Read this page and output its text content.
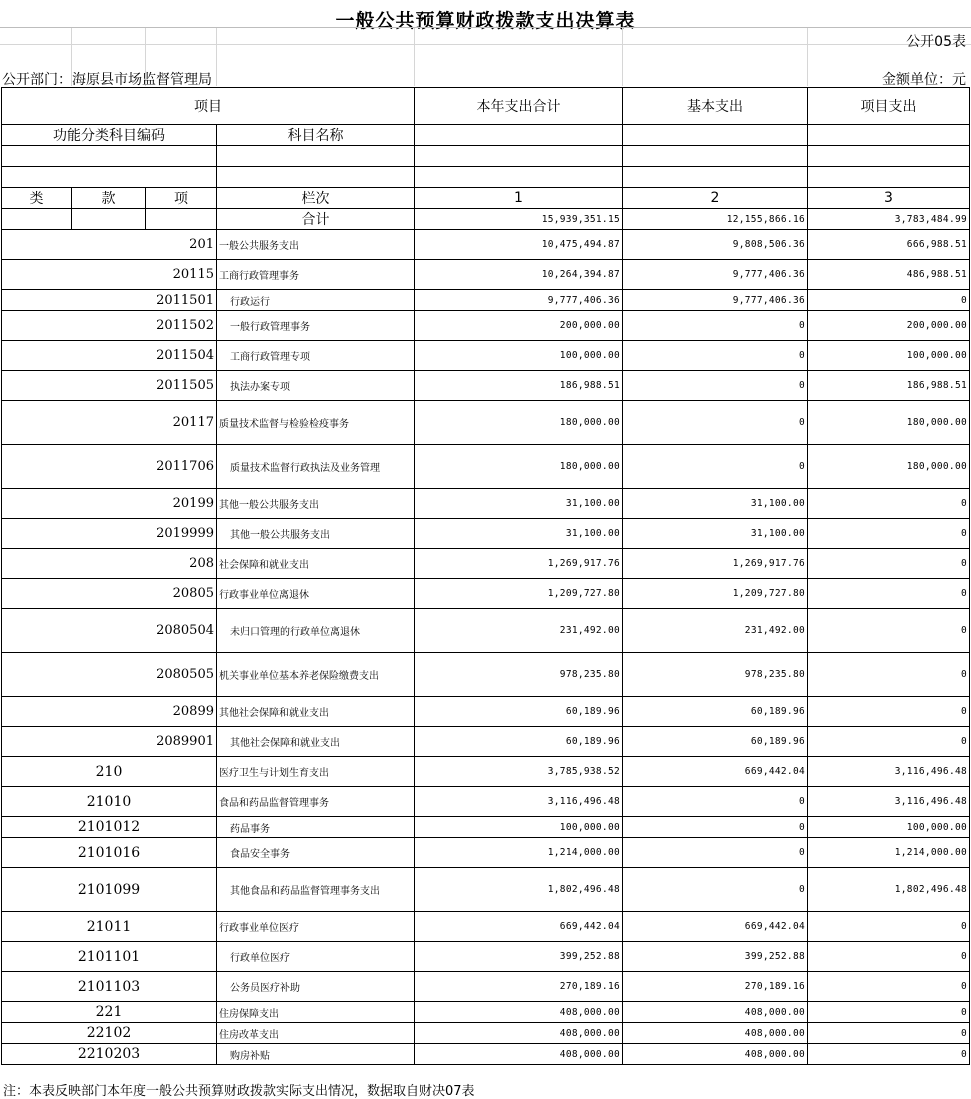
一般公共预算财政拨款支出决算表
公开05表
公开部门：海原县市场监督管理局	金额单位：元
项目				本年支出合计	基本支出	项目支出
功能分类科目编码			科目名称			

类	款	项	栏次	1	2	3
			合计	15,939,351.15	12,155,866.16	3,783,484.99
201			一般公共服务支出	10,475,494.87	9,808,506.36	666,988.51
20115			工商行政管理事务	10,264,394.87	9,777,406.36	486,988.51
2011501			行政运行	9,777,406.36	9,777,406.36	0
2011502			一般行政管理事务	200,000.00	0	200,000.00
2011504			工商行政管理专项	100,000.00	0	100,000.00
2011505			执法办案专项	186,988.51	0	186,988.51
20117			质量技术监督与检验检疫事务	180,000.00	0	180,000.00
2011706			质量技术监督行政执法及业务管理	180,000.00	0	180,000.00
20199			其他一般公共服务支出	31,100.00	31,100.00	0
2019999			其他一般公共服务支出	31,100.00	31,100.00	0
208			社会保障和就业支出	1,269,917.76	1,269,917.76	0
20805			行政事业单位离退休	1,209,727.80	1,209,727.80	0
2080504			未归口管理的行政单位离退休	231,492.00	231,492.00	0
2080505			机关事业单位基本养老保险缴费支出	978,235.80	978,235.80	0
20899			其他社会保障和就业支出	60,189.96	60,189.96	0
2089901			其他社会保障和就业支出	60,189.96	60,189.96	0
210			医疗卫生与计划生育支出	3,785,938.52	669,442.04	3,116,496.48
21010			食品和药品监督管理事务	3,116,496.48	0	3,116,496.48
2101012			药品事务	100,000.00	0	100,000.00
2101016			食品安全事务	1,214,000.00	0	1,214,000.00
2101099			其他食品和药品监督管理事务支出	1,802,496.48	0	1,802,496.48
21011			行政事业单位医疗	669,442.04	669,442.04	0
2101101			行政单位医疗	399,252.88	399,252.88	0
2101103			公务员医疗补助	270,189.16	270,189.16	0
221			住房保障支出	408,000.00	408,000.00	0
22102			住房改革支出	408,000.00	408,000.00	0
2210203			购房补贴	408,000.00	408,000.00	0
注：本表反映部门本年度一般公共预算财政拨款实际支出情况，数据取自财决07表
